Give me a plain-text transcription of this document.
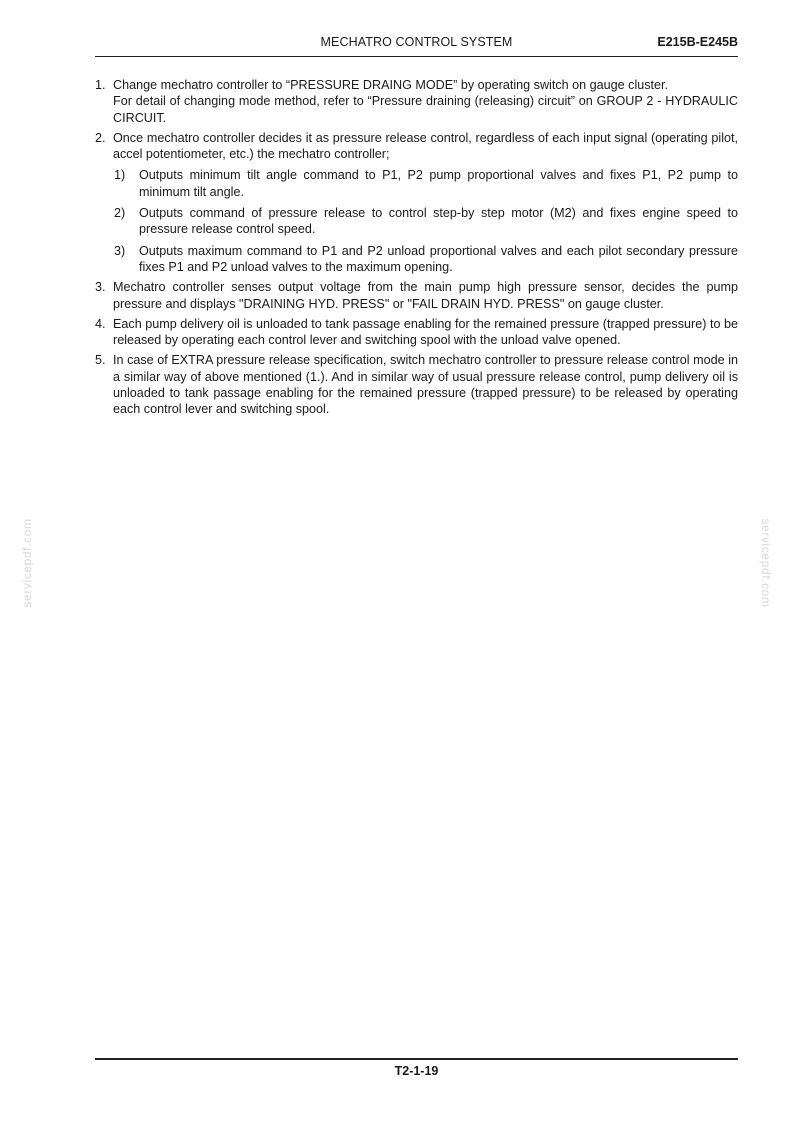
MECHATRO CONTROL SYSTEM	E215B-E245B
1. Change mechatro controller to “PRESSURE DRAING MODE” by operating switch on gauge cluster.
For detail of changing mode method, refer to “Pressure draining (releasing) circuit” on GROUP 2 - HYDRAULIC CIRCUIT.
2. Once mechatro controller decides it as pressure release control, regardless of each input signal (operating pilot, accel potentiometer, etc.) the mechatro controller;
1) Outputs minimum tilt angle command to P1, P2 pump proportional valves and fixes P1, P2 pump to minimum tilt angle.
2) Outputs command of pressure release to control step-by step motor (M2) and fixes engine speed to pressure release control speed.
3) Outputs maximum command to P1 and P2 unload proportional valves and each pilot secondary pressure fixes P1 and P2 unload valves to the maximum opening.
3. Mechatro controller senses output voltage from the main pump high pressure sensor, decides the pump pressure and displays "DRAINING HYD. PRESS" or "FAIL DRAIN HYD. PRESS" on gauge cluster.
4. Each pump delivery oil is unloaded to tank passage enabling for the remained pressure (trapped pressure) to be released by operating each control lever and switching spool with the unload valve opened.
5. In case of EXTRA pressure release specification, switch mechatro controller to pressure release control mode in a similar way of above mentioned (1.). And in similar way of usual pressure release control, pump delivery oil is unloaded to tank passage enabling for the remained pressure (trapped pressure) to be released by operating each control lever and switching spool.
servicepdf.com	servicepdf.com
T2-1-19
